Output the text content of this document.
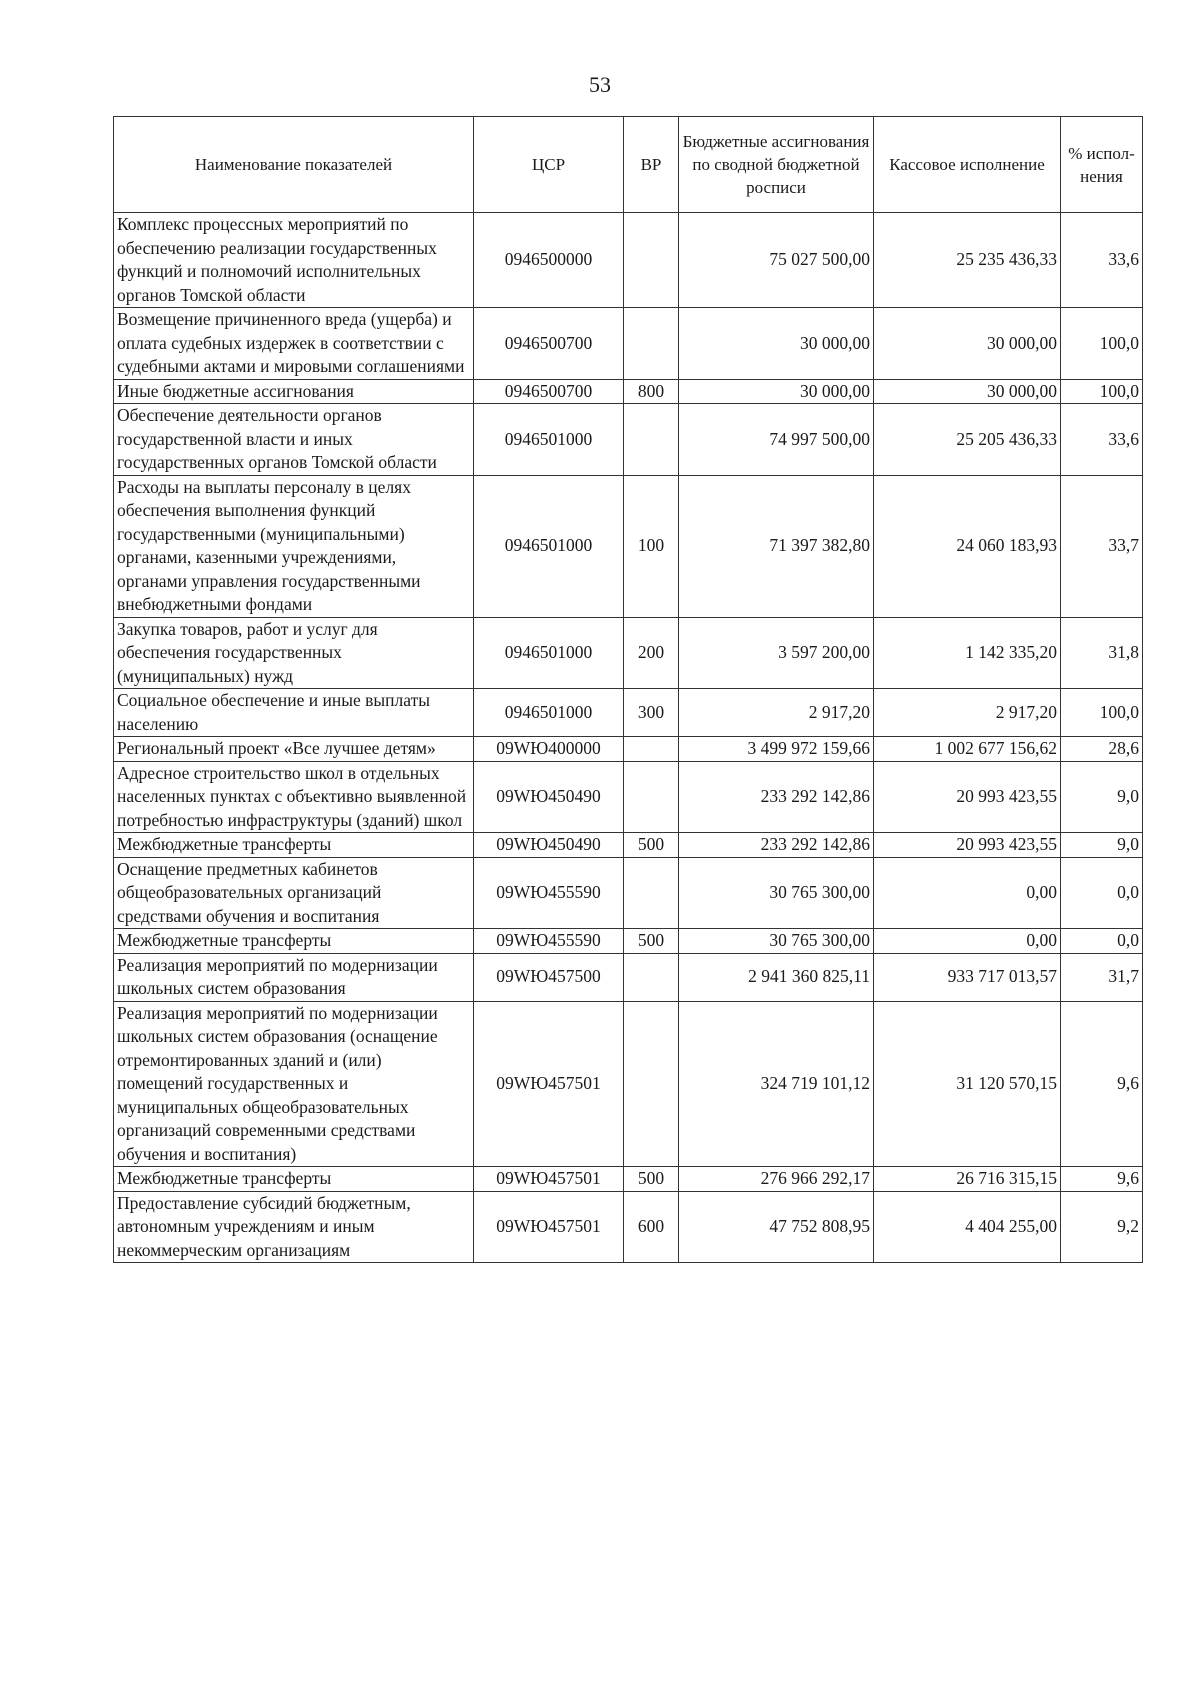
53
Наименование показателей	ЦСР	ВР	Бюджетные ассигнования по сводной бюджетной росписи	Кассовое исполнение	% испол-нения
Комплекс процессных мероприятий по обеспечению реализации государственных функций и полномочий исполнительных органов Томской области	0946500000		75 027 500,00	25 235 436,33	33,6
Возмещение причиненного вреда (ущерба) и оплата судебных издержек в соответствии с судебными актами и мировыми соглашениями	0946500700		30 000,00	30 000,00	100,0
Иные бюджетные ассигнования	0946500700	800	30 000,00	30 000,00	100,0
Обеспечение деятельности органов государственной власти и иных государственных органов Томской области	0946501000		74 997 500,00	25 205 436,33	33,6
Расходы на выплаты персоналу в целях обеспечения выполнения функций государственными (муниципальными) органами, казенными учреждениями, органами управления государственными внебюджетными фондами	0946501000	100	71 397 382,80	24 060 183,93	33,7
Закупка товаров, работ и услуг для обеспечения государственных (муниципальных) нужд	0946501000	200	3 597 200,00	1 142 335,20	31,8
Социальное обеспечение и иные выплаты населению	0946501000	300	2 917,20	2 917,20	100,0
Региональный проект «Все лучшее детям»	09WЮ400000		3 499 972 159,66	1 002 677 156,62	28,6
Адресное строительство школ в отдельных населенных пунктах с объективно выявленной потребностью инфраструктуры (зданий) школ	09WЮ450490		233 292 142,86	20 993 423,55	9,0
Межбюджетные трансферты	09WЮ450490	500	233 292 142,86	20 993 423,55	9,0
Оснащение предметных кабинетов общеобразовательных организаций средствами обучения и воспитания	09WЮ455590		30 765 300,00	0,00	0,0
Межбюджетные трансферты	09WЮ455590	500	30 765 300,00	0,00	0,0
Реализация мероприятий по модернизации школьных систем образования	09WЮ457500		2 941 360 825,11	933 717 013,57	31,7
Реализация мероприятий по модернизации школьных систем образования (оснащение отремонтированных зданий и (или) помещений государственных и муниципальных общеобразовательных организаций современными средствами обучения и воспитания)	09WЮ457501		324 719 101,12	31 120 570,15	9,6
Межбюджетные трансферты	09WЮ457501	500	276 966 292,17	26 716 315,15	9,6
Предоставление субсидий бюджетным, автономным учреждениям и иным некоммерческим организациям	09WЮ457501	600	47 752 808,95	4 404 255,00	9,2
